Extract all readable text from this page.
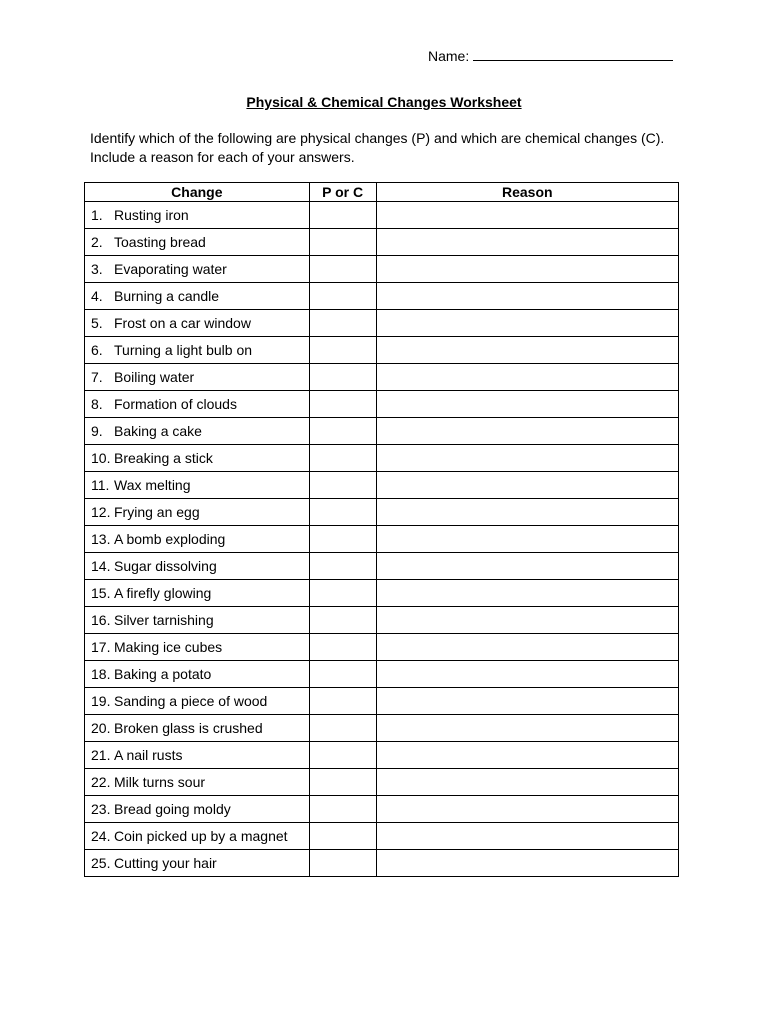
Name:
Physical & Chemical Changes Worksheet
Identify which of the following are physical changes (P) and which are chemical changes (C). Include a reason for each of your answers.
Change	P or C	Reason
1. Rusting iron		
2. Toasting bread		
3. Evaporating water		
4. Burning a candle		
5. Frost on a car window		
6. Turning a light bulb on		
7. Boiling water		
8. Formation of clouds		
9. Baking a cake		
10. Breaking a stick		
11. Wax melting		
12. Frying an egg		
13. A bomb exploding		
14. Sugar dissolving		
15. A firefly glowing		
16. Silver tarnishing		
17. Making ice cubes		
18. Baking a potato		
19. Sanding a piece of wood		
20. Broken glass is crushed		
21. A nail rusts		
22. Milk turns sour		
23. Bread going moldy		
24. Coin picked up by a magnet		
25. Cutting your hair		
